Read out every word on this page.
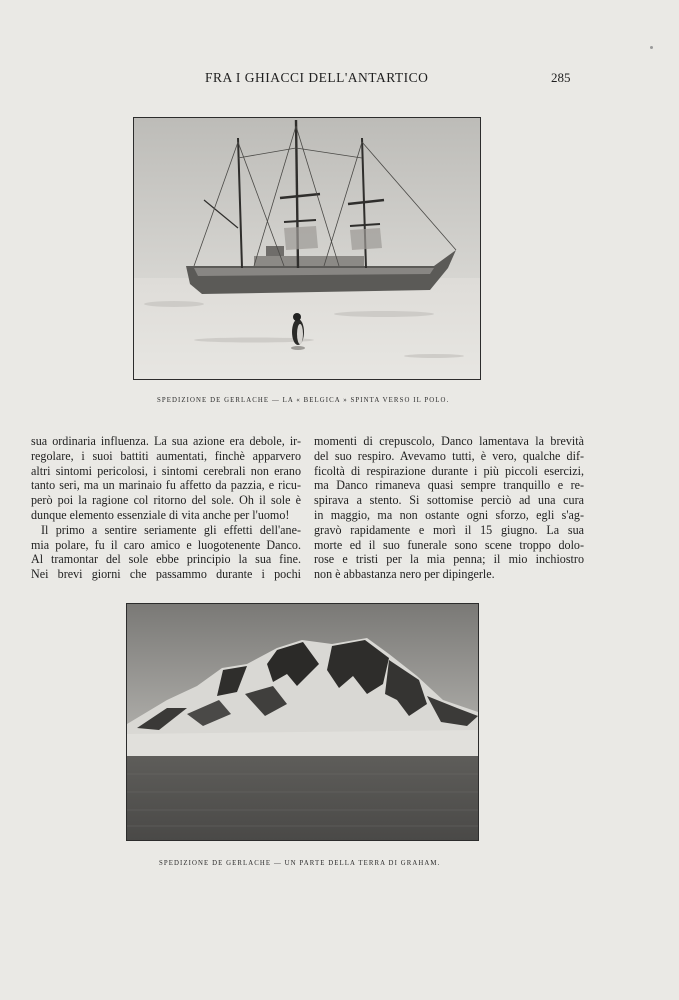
FRA I GHIACCI DELL'ANTARTICO	285
SPEDIZIONE DE GERLACHE — LA « BELGICA » SPINTA VERSO IL POLO.
sua ordinaria influenza. La sua azione era debole, ir-
regolare, i suoi battiti aumentati, finchè apparvero
altri sintomi pericolosi, i sintomi cerebrali non erano
tanto seri, ma un marinaio fu affetto da pazzia, e ricu-
però poi la ragione col ritorno del sole. Oh il sole è
dunque elemento essenziale di vita anche per l'uomo!
Il primo a sentire seriamente gli effetti dell'ane-
mia polare, fu il caro amico e luogotenente Danco.
Al tramontar del sole ebbe principio la sua fine.
Nei brevi giorni che passammo durante i pochi
momenti di crepuscolo, Danco lamentava la brevità
del suo respiro. Avevamo tutti, è vero, qualche dif-
ficoltà di respirazione durante i più piccoli esercizi,
ma Danco rimaneva quasi sempre tranquillo e re-
spirava a stento. Si sottomise perciò ad una cura
in maggio, ma non ostante ogni sforzo, egli s'ag-
gravò rapidamente e morì il 15 giugno. La sua
morte ed il suo funerale sono scene troppo dolo-
rose e tristi per la mia penna; il mio inchiostro
non è abbastanza nero per dipingerle.
SPEDIZIONE DE GERLACHE — UN PARTE DELLA TERRA DI GRAHAM.
